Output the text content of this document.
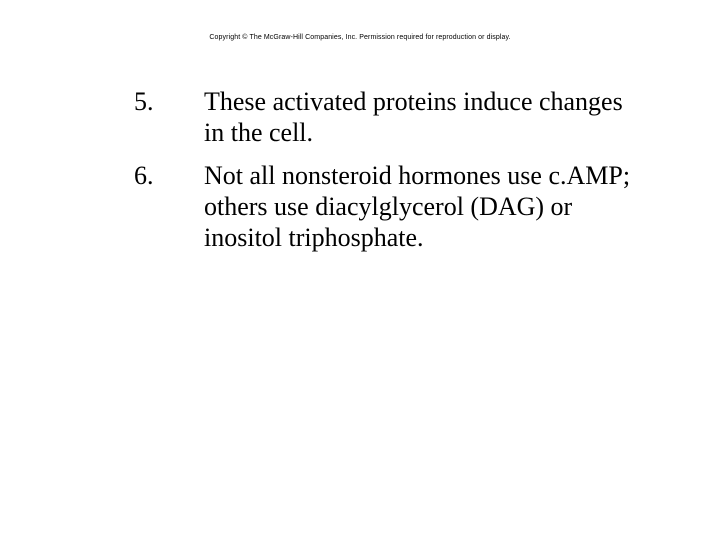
Copyright © The McGraw-Hill Companies, Inc. Permission required for reproduction or display.
5. These activated proteins induce changes
in the cell.
6. Not all nonsteroid hormones use c.AMP;
others use diacylglycerol (DAG) or
inositol triphosphate.
